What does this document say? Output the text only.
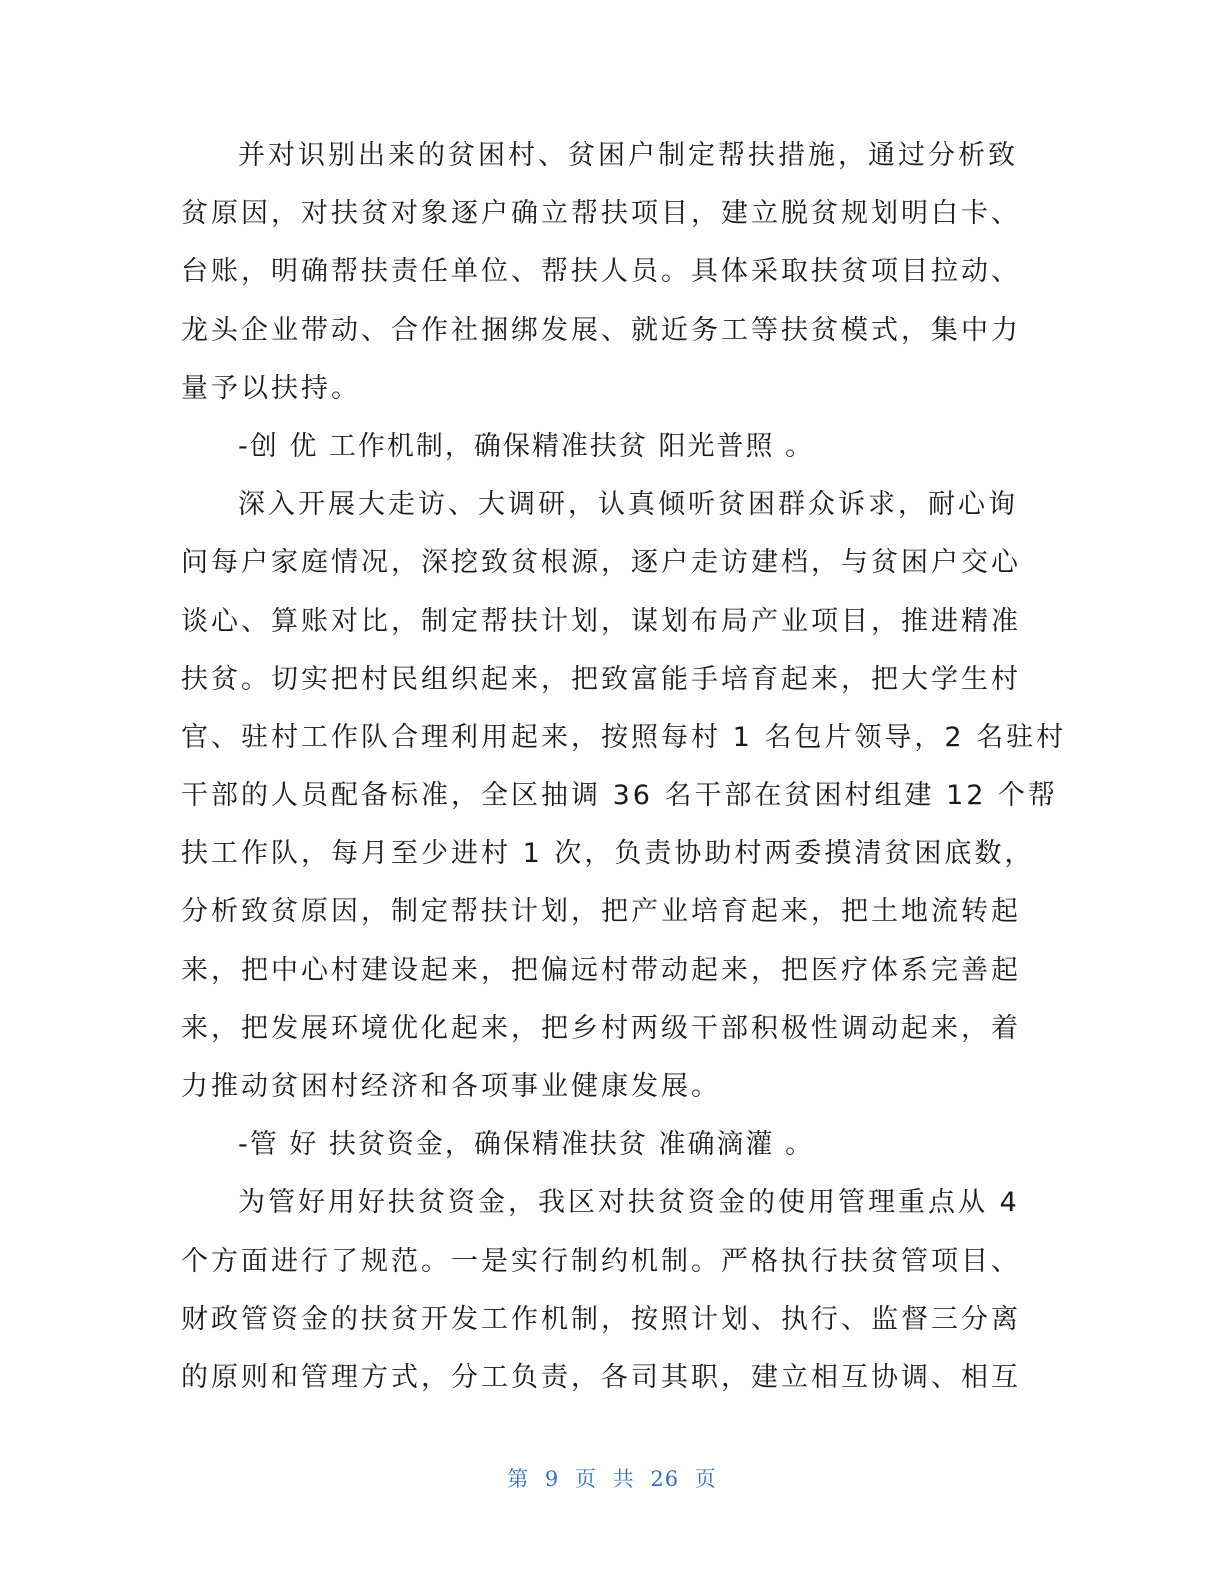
并对识别出来的贫困村、贫困户制定帮扶措施，通过分析致
贫原因，对扶贫对象逐户确立帮扶项目，建立脱贫规划明白卡、
台账，明确帮扶责任单位、帮扶人员。具体采取扶贫项目拉动、
龙头企业带动、合作社捆绑发展、就近务工等扶贫模式，集中力
量予以扶持。
-创 优 工作机制，确保精准扶贫 阳光普照 。
深入开展大走访、大调研，认真倾听贫困群众诉求，耐心询
问每户家庭情况，深挖致贫根源，逐户走访建档，与贫困户交心
谈心、算账对比，制定帮扶计划，谋划布局产业项目，推进精准
扶贫。切实把村民组织起来，把致富能手培育起来，把大学生村
官、驻村工作队合理利用起来，按照每村 1 名包片领导，2 名驻村
干部的人员配备标准，全区抽调 36 名干部在贫困村组建 12 个帮
扶工作队，每月至少进村 1 次，负责协助村两委摸清贫困底数，
分析致贫原因，制定帮扶计划，把产业培育起来，把土地流转起
来，把中心村建设起来，把偏远村带动起来，把医疗体系完善起
来，把发展环境优化起来，把乡村两级干部积极性调动起来，着
力推动贫困村经济和各项事业健康发展。
-管 好 扶贫资金，确保精准扶贫 准确滴灌 。
为管好用好扶贫资金，我区对扶贫资金的使用管理重点从 4
个方面进行了规范。一是实行制约机制。严格执行扶贫管项目、
财政管资金的扶贫开发工作机制，按照计划、执行、监督三分离
的原则和管理方式，分工负责，各司其职，建立相互协调、相互
第 9 页 共 26 页
